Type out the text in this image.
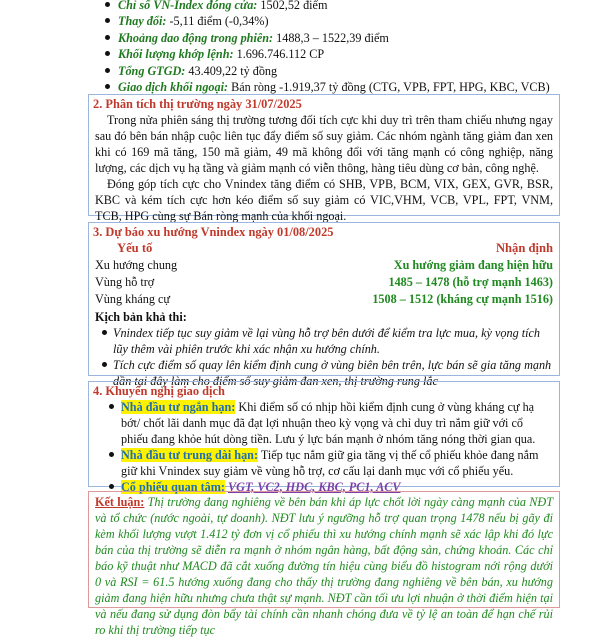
Chỉ số VN-Index đóng cửa: 1502,52 điểm
Thay đổi: -5,11 điểm (-0,34%)
Khoảng dao động trong phiên: 1488,3 – 1522,39 điểm
Khối lượng khớp lệnh: 1.696.746.112 CP
Tổng GTGD: 43.409,22 tỷ đồng
Giao dịch khối ngoại: Bán ròng -1.919,37 tỷ đồng (CTG, VPB, FPT, HPG, KBC, VCB)
2. Phân tích thị trường ngày 31/07/2025

Trong nửa phiên sáng thị trường tương đối tích cực khi duy trì trên tham chiếu nhưng ngay sau đó bên bán nhập cuộc liên tục đẩy điểm số suy giảm. Các nhóm ngành tăng giảm đan xen khi có 169 mã tăng, 150 mã giảm, 49 mã không đổi với tăng mạnh có công nghiệp, năng lượng, các dịch vụ hạ tầng và giảm mạnh có viễn thông, hàng tiêu dùng cơ bản, công nghệ.

Đóng góp tích cực cho Vnindex tăng điểm có SHB, VPB, BCM, VIX, GEX, GVR, BSR, KBC và kém tích cực hơn kéo điểm số suy giảm có VIC,VHM, VCB, VPL, FPT, VNM, TCB, HPG cùng sự Bán ròng mạnh của khối ngoại.

3. Dự báo xu hướng Vnindex ngày 01/08/2025
Yếu tố	Nhận định
Xu hướng chung	Xu hướng giảm đang hiện hữu
Vùng hỗ trợ	1485 – 1478 (hỗ trợ mạnh 1463)
Vùng kháng cự	1508 – 1512 (kháng cự mạnh 1516)
Kịch bản khả thi:
Vnindex tiếp tục suy giảm về lại vùng hỗ trợ bên dưới để kiểm tra lực mua, kỳ vọng tích lũy thêm vài phiên trước khi xác nhận xu hướng chính.
Tích cực điểm số quay lên kiểm định cung ở vùng biên bên trên, lực bán sẽ gia tăng mạnh dần tại đây làm cho điểm số suy giảm đan xen, thị trường rung lắc
4. Khuyến nghị giao dịch
Nhà đầu tư ngắn hạn: Khi điểm số có nhịp hồi kiểm định cung ở vùng kháng cự hạ bớt/ chốt lãi danh mục đã đạt lợi nhuận theo kỳ vọng và chỉ duy trì nắm giữ với cổ phiếu đang khỏe hút dòng tiền. Lưu ý lực bán mạnh ở nhóm tăng nóng thời gian qua.
Nhà đầu tư trung dài hạn: Tiếp tục nắm giữ gia tăng vị thế cổ phiếu khỏe đang nắm giữ khi Vnindex suy giảm về vùng hỗ trợ, cơ cấu lại danh mục với cổ phiếu yếu.
Cổ phiếu quan tâm: VGT, VC2, HDC, KBC, PC1, ACV

Kết luận: Thị trường đang nghiêng về bên bán khi áp lực chốt lời ngày càng mạnh của NĐT và tổ chức (nước ngoài, tự doanh). NĐT lưu ý ngưỡng hỗ trợ quan trọng 1478 nếu bị gãy đi kèm khối lượng vượt 1.412 tỷ đơn vị cổ phiếu thì xu hướng chính mạnh sẽ xác lập khi đó lực bán của thị trường sẽ diễn ra mạnh ở nhóm ngân hàng, bất động sản, chứng khoán. Các chỉ báo kỹ thuật như MACD đã cắt xuống đường tín hiệu cùng biểu đồ histogram nới rộng dưới 0 và RSI = 61.5 hướng xuống đang cho thấy thị trường đang nghiêng về bên bán, xu hướng giảm đang hiện hữu nhưng chưa thật sự mạnh. NĐT cần tối ưu lợi nhuận ở thời điểm hiện tại và nếu đang sử dụng đòn bẩy tài chính cần nhanh chóng đưa về tỷ lệ an toàn để hạn chế rủi ro khi thị trường tiếp tục
